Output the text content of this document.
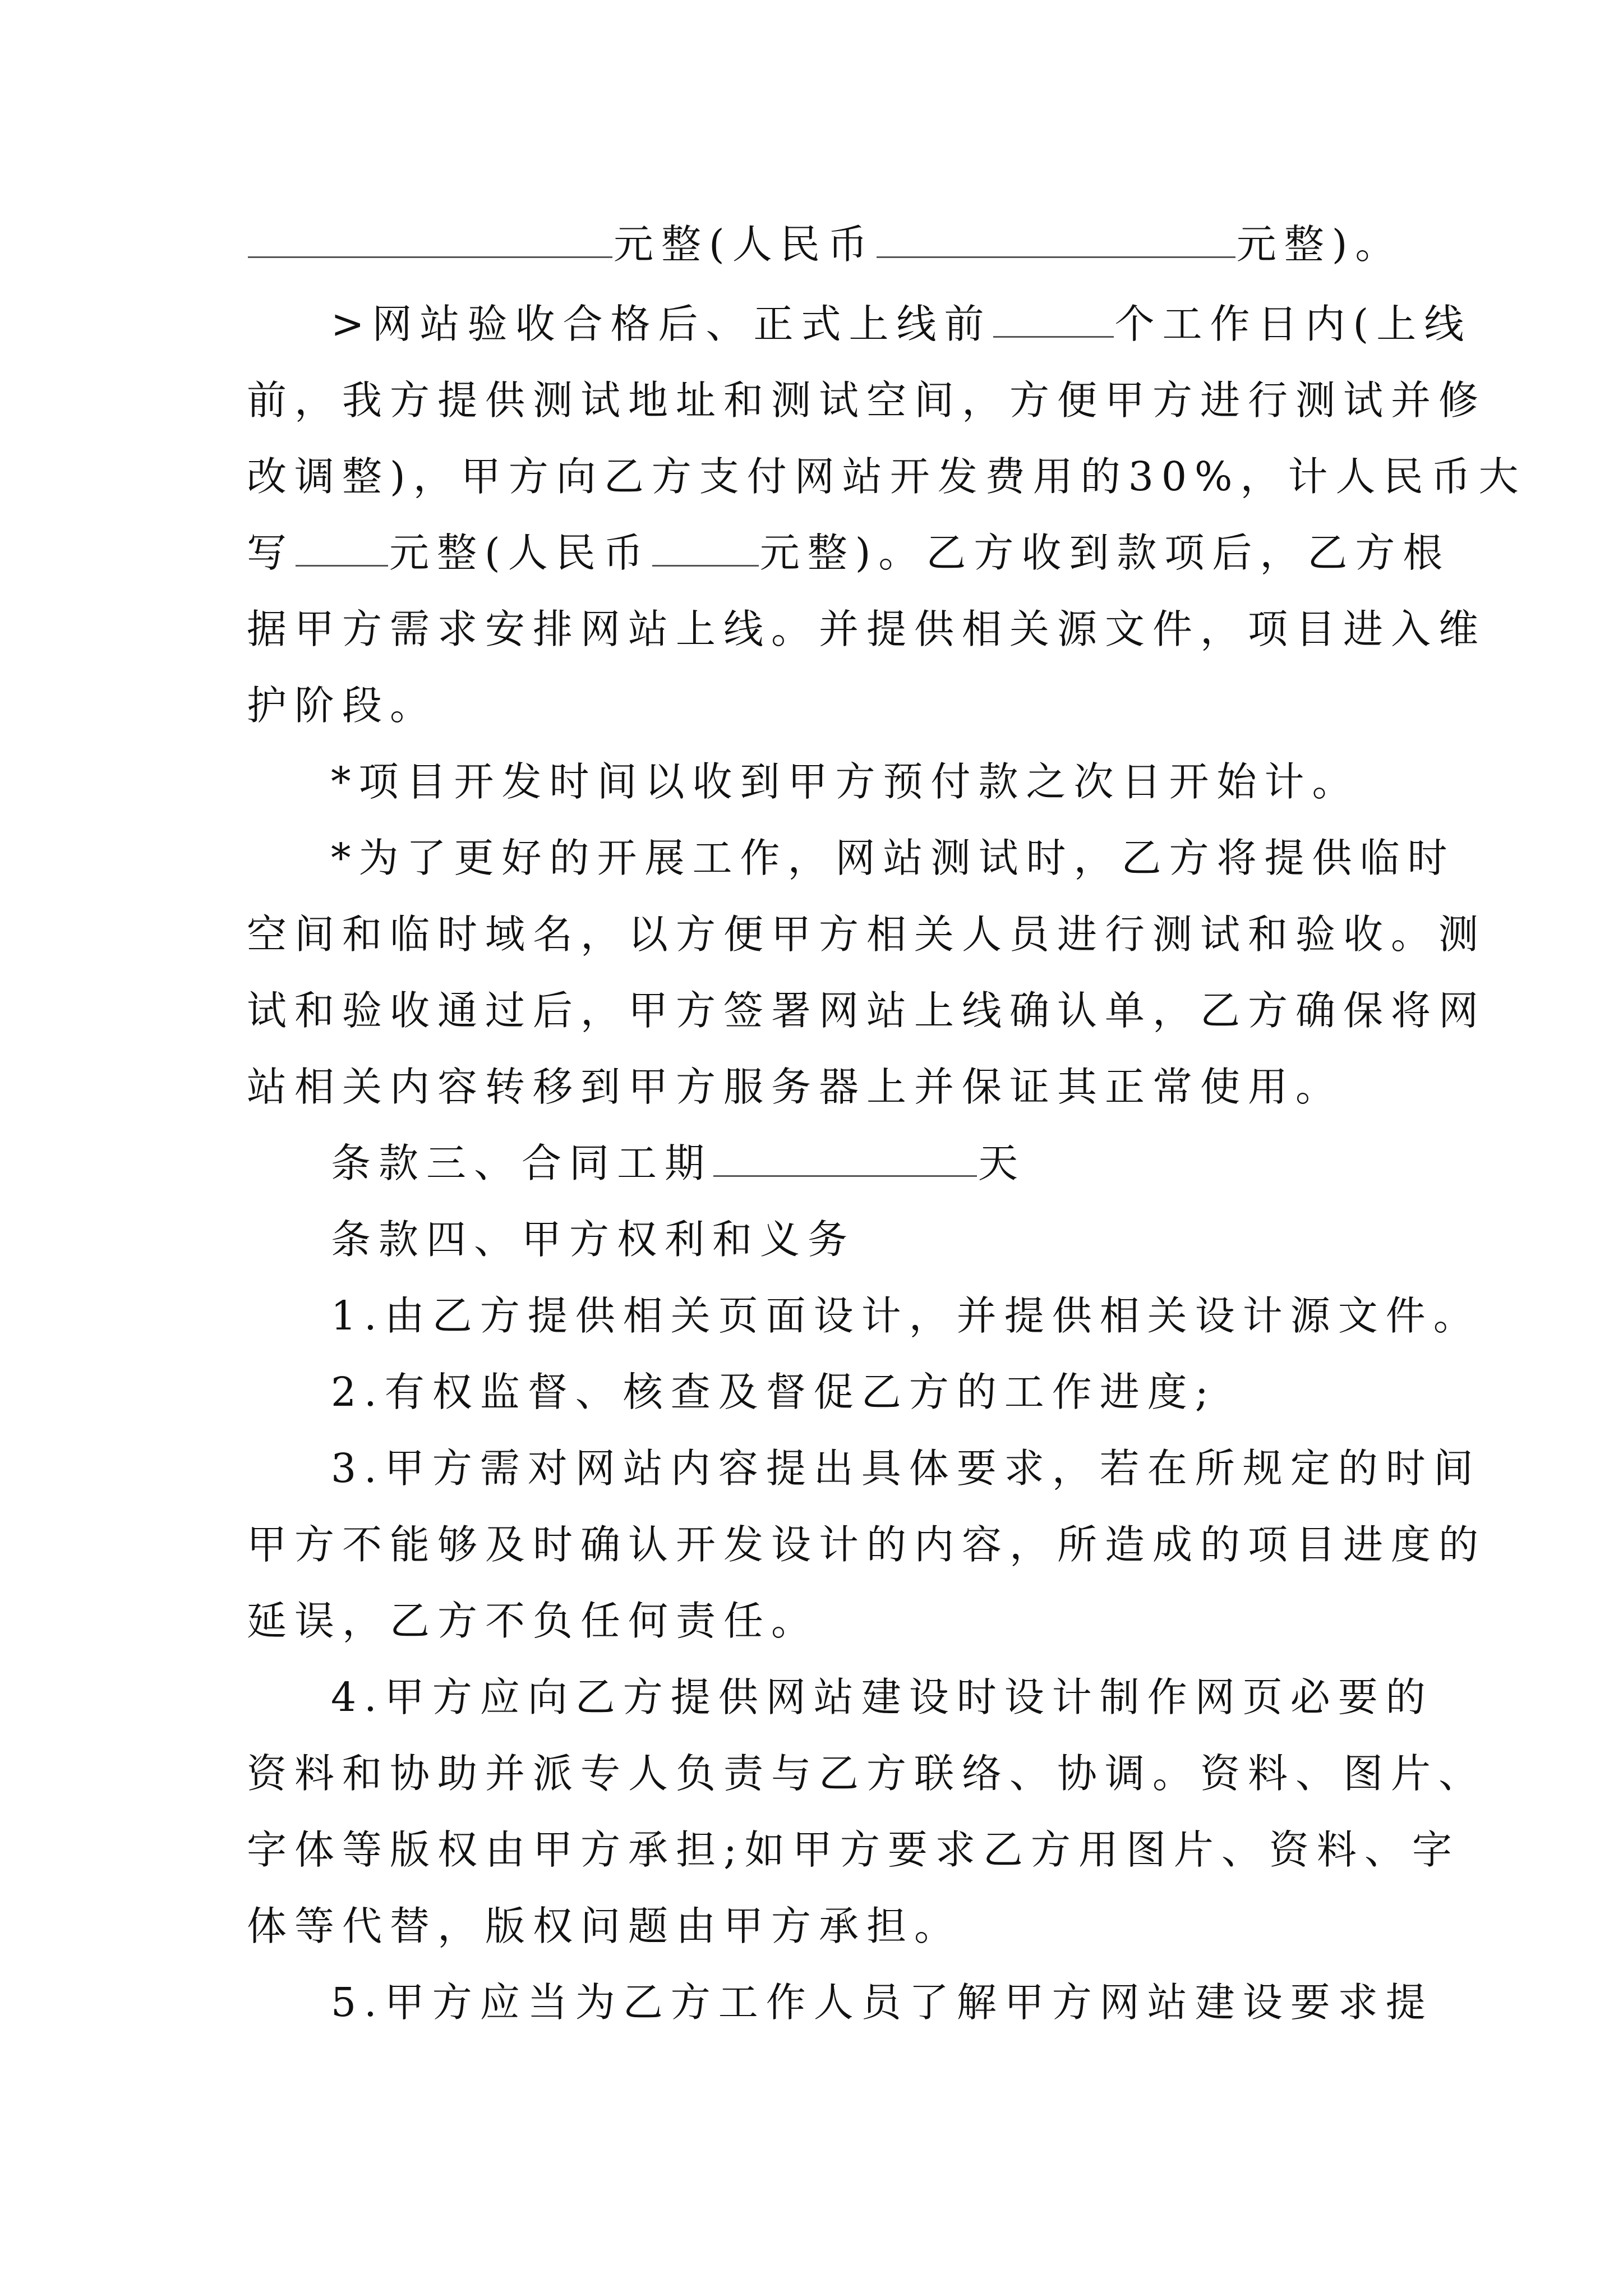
元整(人民币	元整)。
>网站验收合格后、正式上线前	个工作日内(上线
前，我方提供测试地址和测试空间，方便甲方进行测试并修
改调整)，甲方向乙方支付网站开发费用的30%，计人民币大
写 元整(人民币	元整)。乙方收到款项后，乙方根
据甲方需求安排网站上线。并提供相关源文件，项目进入维
护阶段。
*项目开发时间以收到甲方预付款之次日开始计。
*为了更好的开展工作，网站测试时，乙方将提供临时
空间和临时域名，以方便甲方相关人员进行测试和验收。测
试和验收通过后，甲方签署网站上线确认单，乙方确保将网
站相关内容转移到甲方服务器上并保证其正常使用。
条款三、合同工期	天
条款四、甲方权利和义务
1.由乙方提供相关页面设计，并提供相关设计源文件。
2.有权监督、核查及督促乙方的工作进度;
3.甲方需对网站内容提出具体要求，若在所规定的时间
甲方不能够及时确认开发设计的内容，所造成的项目进度的
延误，乙方不负任何责任。
4.甲方应向乙方提供网站建设时设计制作网页必要的
资料和协助并派专人负责与乙方联络、协调。资料、图片、
字体等版权由甲方承担;如甲方要求乙方用图片、资料、字
体等代替，版权问题由甲方承担。
5.甲方应当为乙方工作人员了解甲方网站建设要求提
